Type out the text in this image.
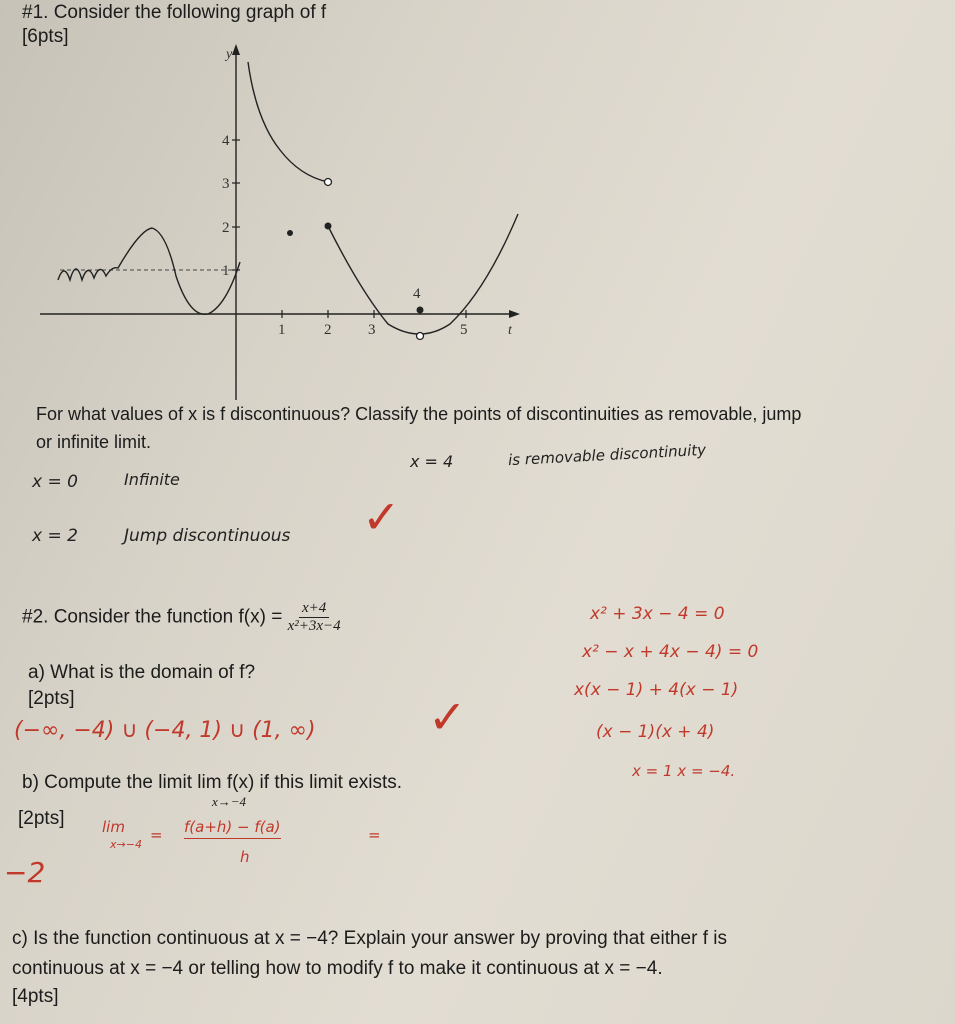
#1. Consider the following graph of f
[6pts]
y
t
1	2 3	5
1
2
3
4
4
For what values of x is f discontinuous? Classify the points of discontinuities as removable, jump
or infinite limit.
x = 0	Infinite
x = 4	is removable discontinuity
x = 2	Jump discontinuous ✓
#2. Consider the function $f(x) = \frac{x+4}{\text{x²+3x−4}}$
a) What is the domain of f?
[2pts]
(−∞, −4) ∪ (−4, 1) ∪ (1, ∞) ✓
x² + 3x − 4 = 0
x² − x + 4x − 4) = 0
x(x − 1) + 4(x − 1)
(x − 1)(x + 4)
x = 1 x = −4.
b) Compute the limit lim f(x) if this limit exists.
x→−4
[2pts]	lim
x→−4
= f(a+h) − f(a)
h
=
−2
c) Is the function continuous at x = −4? Explain your answer by proving that either f is
continuous at x = −4 or telling how to modify f to make it continuous at x = −4.
[4pts]
